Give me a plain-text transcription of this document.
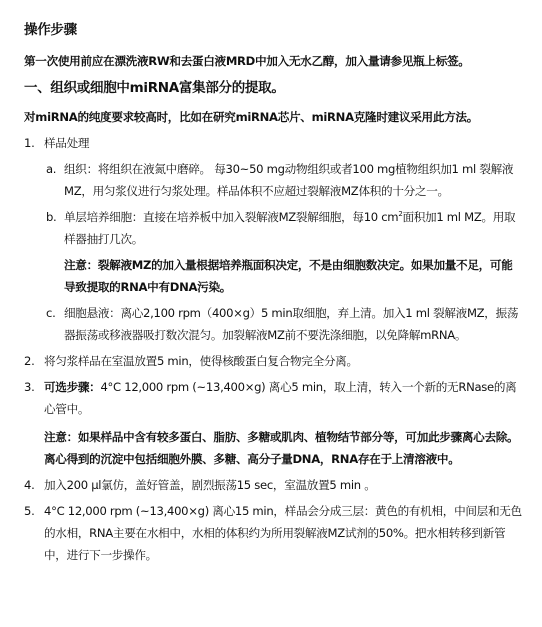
操作步骤

第一次使用前应在漂洗液RW和去蛋白液MRD中加入无水乙醇，加入量请参见瓶上标签。

一、组织或细胞中miRNA富集部分的提取。

对miRNA的纯度要求较高时，比如在研究miRNA芯片、miRNA克隆时建议采用此方法。

1. 样品处理
a. 组织：将组织在液氮中磨碎。 每30~50 mg动物组织或者100 mg植物组织加1 ml 裂解液MZ，用匀浆仪进行匀浆处理。样品体积不应超过裂解液MZ体积的十分之一。
b. 单层培养细胞：直接在培养板中加入裂解液MZ裂解细胞，每10 $cm^2$面积加1 ml MZ。用取样器抽打几次。
注意：裂解液MZ的加入量根据培养瓶面积决定，不是由细胞数决定。如果加量不足，可能导致提取的RNA中有DNA污染。
c. 细胞悬液：离心2,100 rpm（400×g）5 min取细胞，弃上清。加入1 ml 裂解液MZ，振荡器振荡或移液器吸打数次混匀。加裂解液MZ前不要洗涤细胞，以免降解mRNA。
2. 将匀浆样品在室温放置5 min，使得核酸蛋白复合物完全分离。
3. 可选步骤：4°C 12,000 rpm (~13,400×g) 离心5 min，取上清，转入一个新的无RNase的离心管中。
注意：如果样品中含有较多蛋白、脂肪、多糖或肌肉、植物结节部分等，可加此步骤离心去除。离心得到的沉淀中包括细胞外膜、多糖、高分子量DNA，RNA存在于上清溶液中。
4. 加入200 μl氯仿，盖好管盖，剧烈振荡15 sec，室温放置5 min 。
5. 4°C 12,000 rpm (~13,400×g) 离心15 min，样品会分成三层：黄色的有机相，中间层和无色的水相，RNA主要在水相中，水相的体积约为所用裂解液MZ试剂的50%。把水相转移到新管中，进行下一步操作。
